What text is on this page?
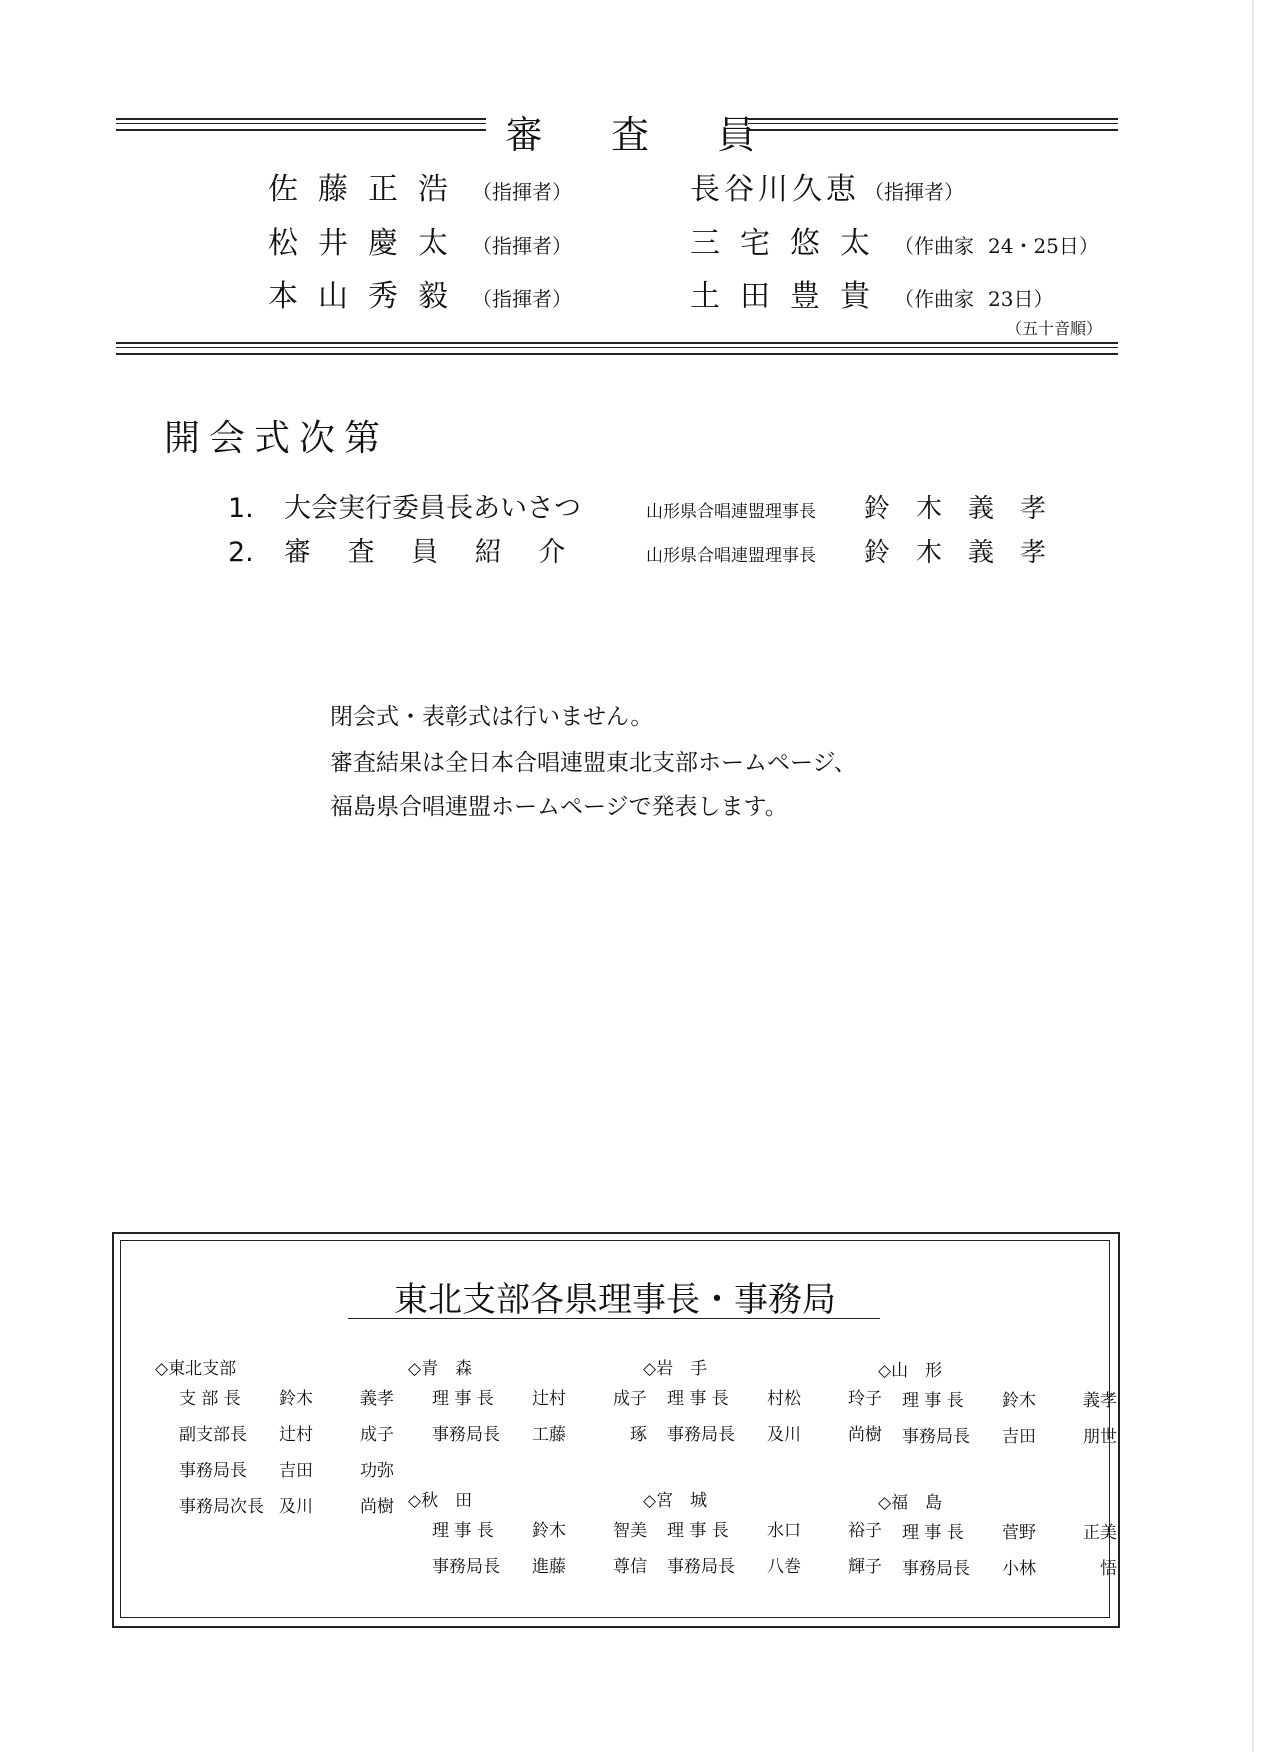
審 査 員
佐藤正浩 （指揮者）
松井慶太 （指揮者）
本山秀毅 （指揮者）
長谷川久恵 （指揮者）
三宅悠太 （作曲家 24・25日）
土田豊貴 （作曲家 23日）
（五十音順）
開会式次第
1. 大会実行委員長あいさつ	山形県合唱連盟理事長 鈴木義孝
2. 審 査 員 紹 介	山形県合唱連盟理事長 鈴木義孝
閉会式・表彰式は行いません。
審査結果は全日本合唱連盟東北支部ホームページ、
福島県合唱連盟ホームページで発表します。
東北支部各県理事長・事務局
◇東北支部
支 部 長 鈴木	義孝
副支部長 辻村	成子
事務局長 吉田	功弥
事務局次長 及川	尚樹
◇青　森
理 事 長 辻村	成子
事務局長 工藤	琢
◇秋　田
理 事 長 鈴木	智美
事務局長 進藤	尊信
◇岩　手
理 事 長 村松	玲子
事務局長 及川	尚樹
◇宮　城
理 事 長 水口	裕子
事務局長 八巻	輝子
◇山　形
理 事 長 鈴木	義孝
事務局長 吉田	朋世
◇福　島
理 事 長 菅野	正美
事務局長 小林	悟
